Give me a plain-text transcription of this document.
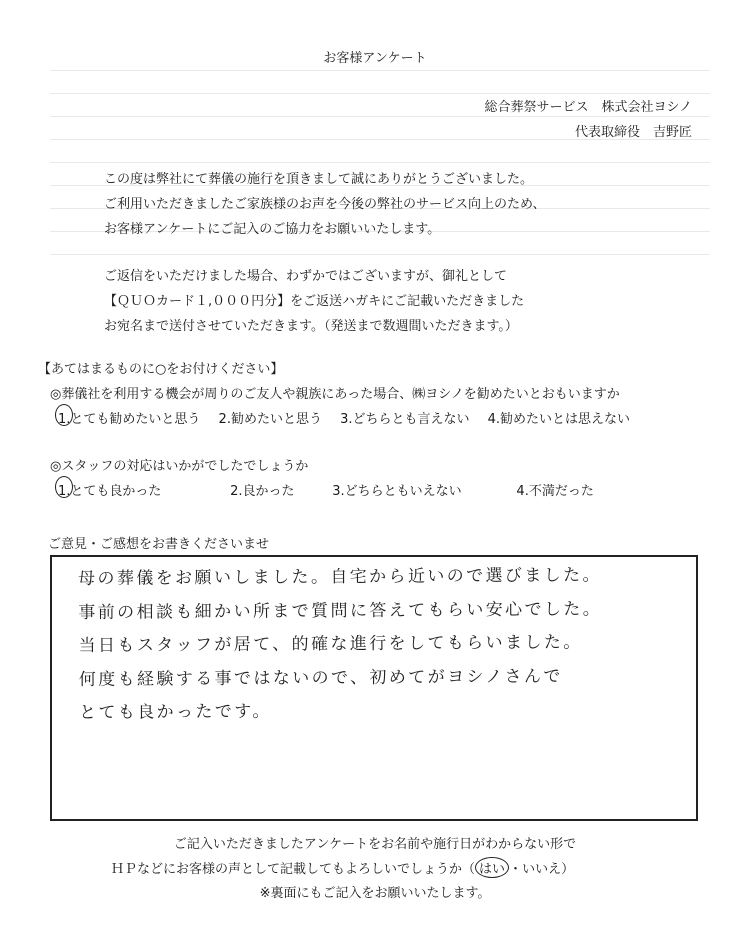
お客様アンケート
総合葬祭サービス　株式会社ヨシノ
代表取締役　吉野匠
この度は弊社にて葬儀の施行を頂きまして誠にありがとうございました。
ご利用いただきましたご家族様のお声を今後の弊社のサービス向上のため、
お客様アンケートにご記入のご協力をお願いいたします。
ご返信をいただけました場合、わずかではございますが、御礼として
【ＱＵＯカード１,０００円分】をご返送ハガキにご記載いただきました
お宛名まで送付させていただきます。（発送まで数週間いただきます。）
【あてはまるものに○をお付けください】
◎葬儀社を利用する機会が周りのご友人や親族にあった場合、㈱ヨシノを勧めたいとおもいますか
1.とても勧めたいと思う 2.勧めたいと思う 3.どちらとも言えない 4.勧めたいとは思えない
◎スタッフの対応はいかがでしたでしょうか
1.とても良かった	2.良かった	3.どちらともいえない	4.不満だった
ご意見・ご感想をお書きくださいませ
母の葬儀をお願いしました。自宅から近いので選びました。
事前の相談も細かい所まで質問に答えてもらい安心でした。
当日もスタッフが居て、的確な進行をしてもらいました。
何度も経験する事ではないので、初めてがヨシノさんで
とても良かったです。
ご記入いただきましたアンケートをお名前や施行日がわからない形で
ＨＰなどにお客様の声として記載してもよろしいでしょうか（ はい ・いいえ）
※裏面にもご記入をお願いいたします。
